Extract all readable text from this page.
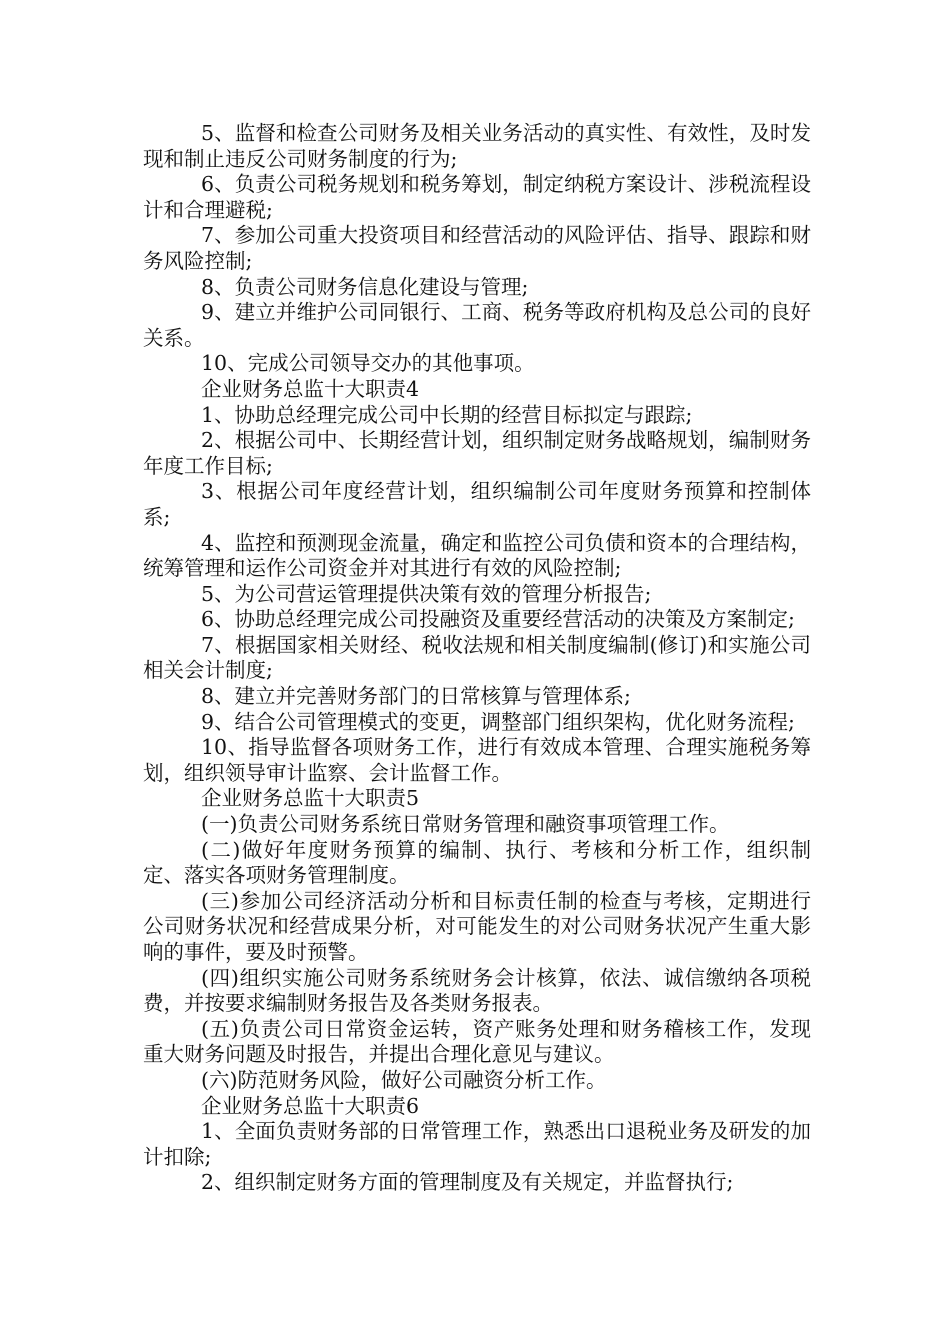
5、监督和检查公司财务及相关业务活动的真实性、有效性，及时发现和制止违反公司财务制度的行为;

6、负责公司税务规划和税务筹划，制定纳税方案设计、涉税流程设计和合理避税;

7、参加公司重大投资项目和经营活动的风险评估、指导、跟踪和财务风险控制;

8、负责公司财务信息化建设与管理;

9、建立并维护公司同银行、工商、税务等政府机构及总公司的良好关系。

10、完成公司领导交办的其他事项。

企业财务总监十大职责4

1、协助总经理完成公司中长期的经营目标拟定与跟踪;

2、根据公司中、长期经营计划，组织制定财务战略规划，编制财务年度工作目标;

3、根据公司年度经营计划，组织编制公司年度财务预算和控制体系;

4、监控和预测现金流量，确定和监控公司负债和资本的合理结构，统筹管理和运作公司资金并对其进行有效的风险控制;

5、为公司营运管理提供决策有效的管理分析报告;

6、协助总经理完成公司投融资及重要经营活动的决策及方案制定;

7、根据国家相关财经、税收法规和相关制度编制(修订)和实施公司相关会计制度;

8、建立并完善财务部门的日常核算与管理体系;

9、结合公司管理模式的变更，调整部门组织架构，优化财务流程;

10、指导监督各项财务工作，进行有效成本管理、合理实施税务筹划，组织领导审计监察、会计监督工作。

企业财务总监十大职责5

(一)负责公司财务系统日常财务管理和融资事项管理工作。

(二)做好年度财务预算的编制、执行、考核和分析工作，组织制定、落实各项财务管理制度。

(三)参加公司经济活动分析和目标责任制的检查与考核，定期进行公司财务状况和经营成果分析，对可能发生的对公司财务状况产生重大影响的事件，要及时预警。

(四)组织实施公司财务系统财务会计核算，依法、诚信缴纳各项税费，并按要求编制财务报告及各类财务报表。

(五)负责公司日常资金运转，资产账务处理和财务稽核工作，发现重大财务问题及时报告，并提出合理化意见与建议。

(六)防范财务风险，做好公司融资分析工作。

企业财务总监十大职责6

1、全面负责财务部的日常管理工作，熟悉出口退税业务及研发的加计扣除;

2、组织制定财务方面的管理制度及有关规定，并监督执行;
